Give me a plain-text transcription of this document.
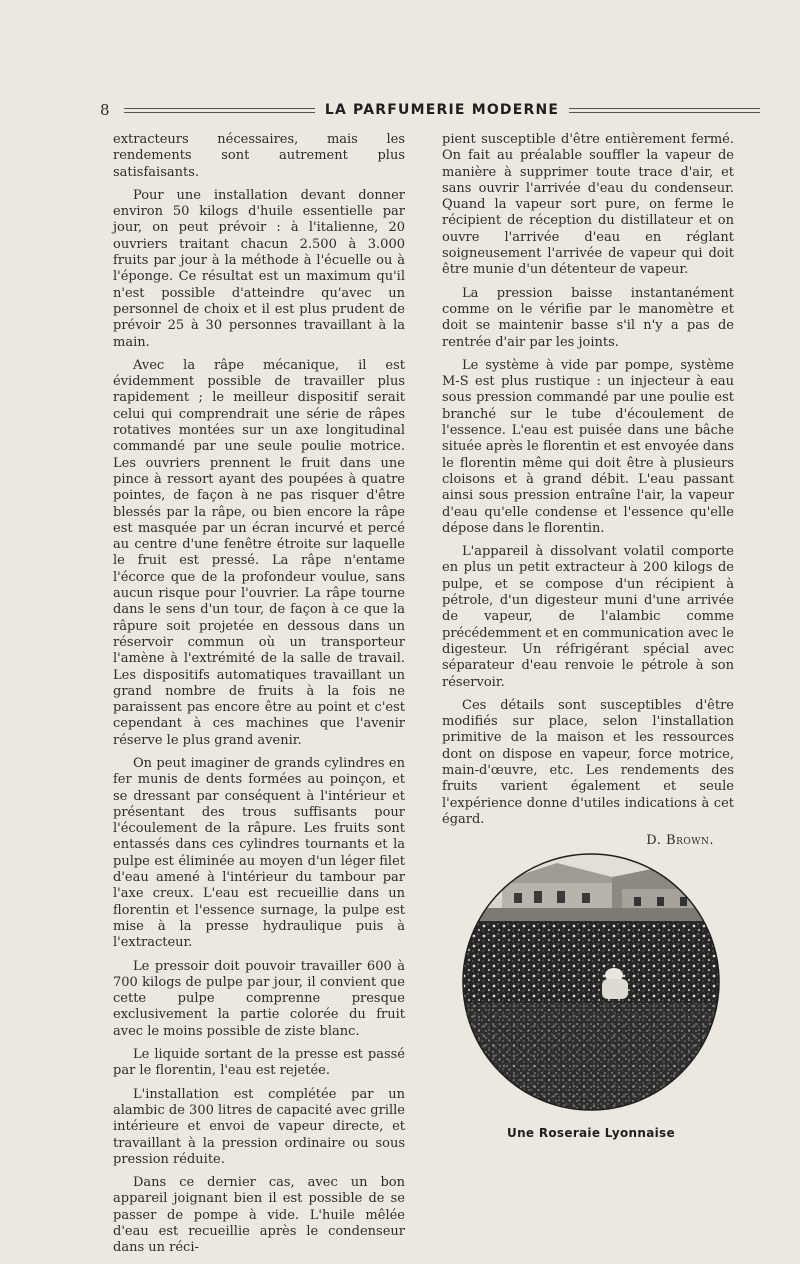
8	LA PARFUMERIE MODERNE

extracteurs nécessaires, mais les rendements sont autrement plus satisfaisants.

Pour une installation devant donner environ 50 kilogs d'huile essentielle par jour, on peut prévoir : à l'italienne, 20 ouvriers traitant chacun 2.500 à 3.000 fruits par jour à la méthode à l'écuelle ou à l'éponge. Ce résultat est un maximum qu'il n'est possible d'atteindre qu'avec un personnel de choix et il est plus prudent de prévoir 25 à 30 personnes travaillant à la main.

Avec la râpe mécanique, il est évidemment possible de travailler plus rapidement ; le meilleur dispositif serait celui qui comprendrait une série de râpes rotatives montées sur un axe longitudinal commandé par une seule poulie motrice. Les ouvriers prennent le fruit dans une pince à ressort ayant des poupées à quatre pointes, de façon à ne pas risquer d'être blessés par la râpe, ou bien encore la râpe est masquée par un écran incurvé et percé au centre d'une fenêtre étroite sur laquelle le fruit est pressé. La râpe n'entame l'écorce que de la profondeur voulue, sans aucun risque pour l'ouvrier. La râpe tourne dans le sens d'un tour, de façon à ce que la râpure soit projetée en dessous dans un réservoir commun où un transporteur l'amène à l'extrémité de la salle de travail. Les dispositifs automatiques travaillant un grand nombre de fruits à la fois ne paraissent pas encore être au point et c'est cependant à ces machines que l'avenir réserve le plus grand avenir.

On peut imaginer de grands cylindres en fer munis de dents formées au poinçon, et se dressant par conséquent à l'intérieur et présentant des trous suffisants pour l'écoulement de la râpure. Les fruits sont entassés dans ces cylindres tournants et la pulpe est éliminée au moyen d'un léger filet d'eau amené à l'intérieur du tambour par l'axe creux. L'eau est recueillie dans un florentin et l'essence surnage, la pulpe est mise à la presse hydraulique puis à l'extracteur.

Le pressoir doit pouvoir travailler 600 à 700 kilogs de pulpe par jour, il convient que cette pulpe comprenne presque exclusivement la partie colorée du fruit avec le moins possible de ziste blanc.

Le liquide sortant de la presse est passé par le florentin, l'eau est rejetée.

L'installation est complétée par un alambic de 300 litres de capacité avec grille intérieure et envoi de vapeur directe, et travaillant à la pression ordinaire ou sous pression réduite.

Dans ce dernier cas, avec un bon appareil joignant bien il est possible de se passer de pompe à vide. L'huile mêlée d'eau est recueillie après le condenseur dans un réci-

pient susceptible d'être entièrement fermé. On fait au préalable souffler la vapeur de manière à supprimer toute trace d'air, et sans ouvrir l'arrivée d'eau du condenseur. Quand la vapeur sort pure, on ferme le récipient de réception du distillateur et on ouvre l'arrivée d'eau en réglant soigneusement l'arrivée de vapeur qui doit être munie d'un détenteur de vapeur.

La pression baisse instantanément comme on le vérifie par le manomètre et doit se maintenir basse s'il n'y a pas de rentrée d'air par les joints.

Le système à vide par pompe, système M-S est plus rustique : un injecteur à eau sous pression commandé par une poulie est branché sur le tube d'écoulement de l'essence. L'eau est puisée dans une bâche située après le florentin et est envoyée dans le florentin même qui doit être à plusieurs cloisons et à grand débit. L'eau passant ainsi sous pression entraîne l'air, la vapeur d'eau qu'elle condense et l'essence qu'elle dépose dans le florentin.

L'appareil à dissolvant volatil comporte en plus un petit extracteur à 200 kilogs de pulpe, et se compose d'un récipient à pétrole, d'un digesteur muni d'une arrivée de vapeur, de l'alambic comme précédemment et en communication avec le digesteur. Un réfrigérant spécial avec séparateur d'eau renvoie le pétrole à son réservoir.

Ces détails sont susceptibles d'être modifiés sur place, selon l'installation primitive de la maison et les ressources dont on dispose en vapeur, force motrice, main-d'œuvre, etc. Les rendements des fruits varient également et seule l'expérience donne d'utiles indications à cet égard.

D. Brown.
Une Roseraie Lyonnaise
